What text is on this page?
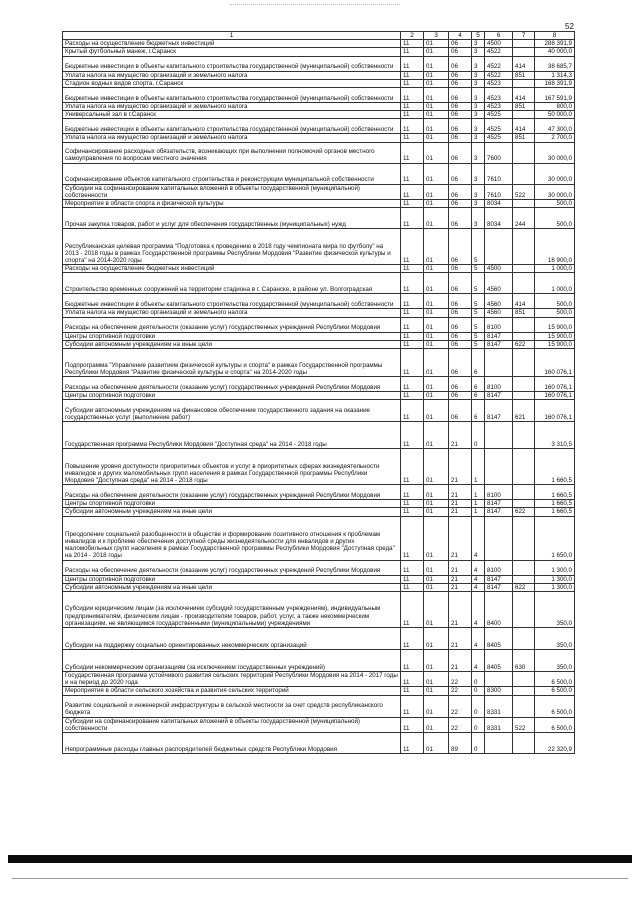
52
1	2	3	4	5	6	7	8
Расходы на осуществление бюджетных инвестиций	11	01	06	3	4500		288 391,9
Крытый футбольный манеж, г.Саранск	11	01	06	3	4522		40 000,0
Бюджетные инвестиции в объекты капитального строительства государственной (муниципальной) собственности	11	01	06	3	4522	414	38 685,7
Уплата налога на имущество организаций и земельного налога	11	01	06	3	4522	851	1 314,3
Стадион водных видов спорта, г.Саранск	11	01	06	3	4523		168 391,9
Бюджетные инвестиции в объекты капитального строительства государственной (муниципальной) собственности	11	01	06	3	4523	414	167 591,9
Уплата налога на имущество организаций и земельного налога	11	01	06	3	4523	851	800,0
Универсальный зал в г.Саранск	11	01	06	3	4525		50 000,0
Бюджетные инвестиции в объекты капитального строительства государственной (муниципальной) собственности	11	01	06	3	4525	414	47 300,0
Уплата налога на имущество организаций и земельного налога	11	01	06	3	4525	851	2 700,0
Софинансирование расходных обязательств, возникающих при выполнении полномочий органов местного самоуправления по вопросам местного значения	11	01	06	3	7600		30 000,0
Софинансирование объектов капитального строительства и реконструкции муниципальной собственности	11	01	06	3	7610		30 000,0
Субсидии на софинансирование капитальных вложений в объекты государственной (муниципальной) собственности	11	01	06	3	7610	522	30 000,0
Мероприятия в области спорта и физической культуры	11	01	06	3	8034		500,0
Прочая закупка товаров, работ и услуг для обеспечения государственных (муниципальных) нужд	11	01	06	3	8034	244	500,0
Республиканская целевая программа "Подготовка к проведению в 2018 году чемпионата мира по футболу" на 2013 - 2018 годы в рамках Государственной программы Республики Мордовия "Развитие физической культуры и спорта" на 2014-2020 годы	11	01	06	5			16 900,0
Расходы на осуществление бюджетных инвестиций	11	01	06	5	4500		1 000,0
Строительство временных сооружений на территории стадиона в г. Саранске, в районе ул. Волгоградская	11	01	06	5	4560		1 000,0
Бюджетные инвестиции в объекты капитального строительства государственной (муниципальной) собственности	11	01	06	5	4560	414	500,0
Уплата налога на имущество организаций и земельного налога	11	01	06	5	4560	851	500,0
Расходы на обеспечение деятельности (оказание услуг) государственных учреждений Республики Мордовия	11	01	06	5	8100		15 900,0
Центры спортивной подготовки	11	01	06	5	8147		15 900,0
Субсидии автономным учреждениям на иные цели	11	01	06	5	8147	622	15 900,0
Подпрограмма "Управление развитием физической культуры и спорта" в рамках Государственной программы Республики Мордовия "Развитие физической культуры и спорта" на 2014-2020 годы	11	01	06	6			160 076,1
Расходы на обеспечение деятельности (оказание услуг) государственных учреждений Республики Мордовия	11	01	06	6	8100		160 076,1
Центры спортивной подготовки	11	01	06	6	8147		160 076,1
Субсидии автономным учреждениям на финансовое обеспечение государственного задания на оказание государственных услуг (выполнение работ)	11	01	06	6	8147	621	160 076,1
Государственная программа Республики Мордовия "Доступная среда" на 2014 - 2018 годы	11	01	21	0			3 310,5
Повышение уровня доступности приоритетных объектов и услуг в приоритетных сферах жизнедеятельности инвалидов и других маломобильных групп населения в рамках Государственной программы Республики Мордовия "Доступная среда" на 2014 - 2018 годы	11	01	21	1			1 660,5
Расходы на обеспечение деятельности (оказание услуг) государственных учреждений Республики Мордовия	11	01	21	1	8100		1 660,5
Центры спортивной подготовки	11	01	21	1	8147		1 660,5
Субсидии автономным учреждениям на иные цели	11	01	21	1	8147	622	1 660,5
Преодоление социальной разобщенности в обществе и формирование позитивного отношения к проблемам инвалидов и к проблеме обеспечения доступной среды жизнедеятельности для инвалидов и других маломобильных групп населения в рамках Государственной программы Республики Мордовия "Доступная среда" на 2014 - 2018 годы	11	01	21	4			1 650,0
Расходы на обеспечение деятельности (оказание услуг) государственных учреждений Республики Мордовия	11	01	21	4	8100		1 300,0
Центры спортивной подготовки	11	01	21	4	8147		1 300,0
Субсидии автономным учреждениям на иные цели	11	01	21	4	8147	622	1 300,0
Субсидии юридическим лицам (за исключением субсидий государственным учреждениям), индивидуальным предпринимателям, физическим лицам - производителям товаров, работ, услуг, а также некоммерческим организациям, не являющимся государственными (муниципальными) учреждениями	11	01	21	4	8400		350,0
Субсидии на поддержку социально ориентированных некоммерческих организаций	11	01	21	4	8405		350,0
Субсидии некоммерческим организациям (за исключением государственных учреждений)	11	01	21	4	8405	630	350,0
Государственная программа устойчивого развития сельских территорий Республики Мордовия на 2014 - 2017 годы и на период до 2020 года	11	01	22	0			6 500,0
Мероприятия в области сельского хозяйства и развития сельских территорий	11	01	22	0	8300		6 500,0
Развитие социальной и инженерной инфраструктуры в сельской местности за счет средств республиканского бюджета	11	01	22	0	8331		6 500,0
Субсидии на софинансирование капитальных вложений в объекты государственной (муниципальной) собственности	11	01	22	0	8331	522	6 500,0
Непрограммные расходы главных распорядителей бюджетных средств Республики Мордовия	11	01	89	0			22 320,9
